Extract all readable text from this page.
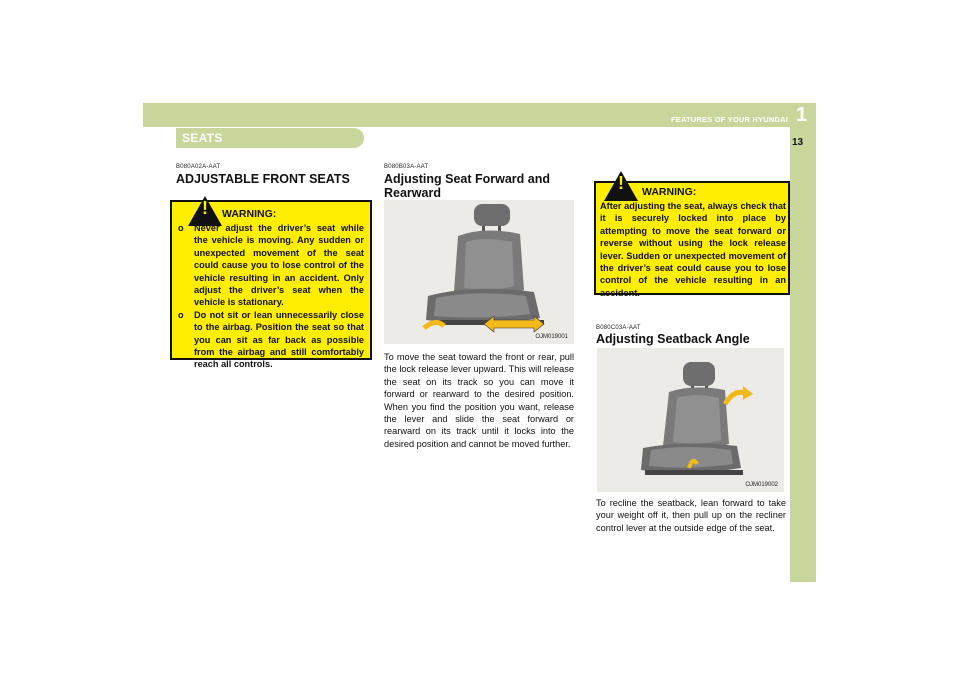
1
FEATURES OF YOUR HYUNDAI
13
SEATS
B080A02A-AAT
ADJUSTABLE FRONT SEATS
!	WARNING:
o Never adjust the driver’s seat while the vehicle is moving. Any sudden or unexpected movement of the seat could cause you to lose control of the vehicle resulting in an accident. Only adjust the driver’s seat when the vehicle is stationary.
o Do not sit or lean unnecessarily close to the airbag. Position the seat so that you can sit as far back as possible from the airbag and still comfortably reach all controls.
B080B03A-AAT
Adjusting Seat Forward and Rearward
OJM019001
To move the seat toward the front or rear, pull the lock release lever upward. This will release the seat on its track so you can move it forward or rearward to the desired position. When you find the position you want, release the lever and slide the seat forward or rearward on its track until it locks into the desired position and cannot be moved further.
!	WARNING:
After adjusting the seat, always check that it is securely locked into place by attempting to move the seat forward or reverse without using the lock release lever. Sudden or unexpected movement of the driver’s seat could cause you to lose control of the vehicle resulting in an accident.
B080C03A-AAT
Adjusting Seatback Angle
OJM019002
To recline the seatback, lean forward to take your weight off it, then pull up on the recliner control lever at the outside edge of the seat.
